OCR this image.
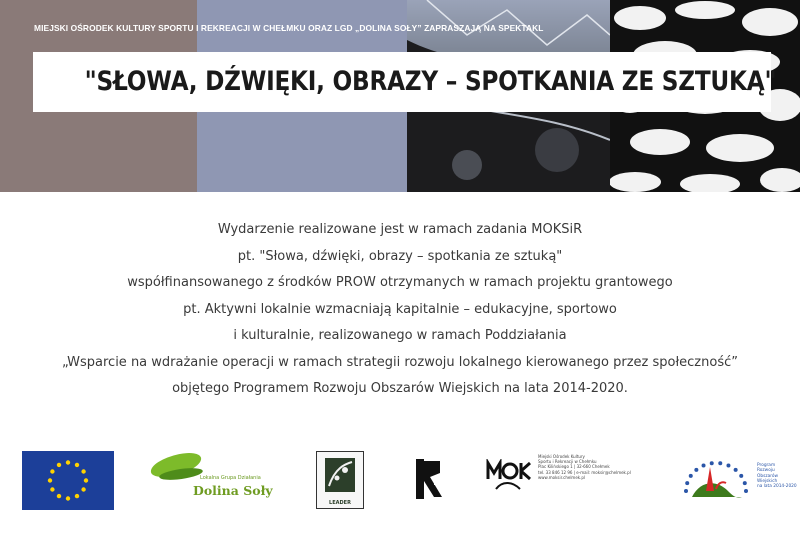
MIEJSKI OŚRODEK KULTURY SPORTU I REKREACJI W CHEŁMKU ORAZ LGD „DOLINA SOŁY” ZAPRASZAJĄ NA SPEKTAKL
"SŁOWA, DŹWIĘKI, OBRAZY – SPOTKANIA ZE SZTUKĄ"
Wydarzenie realizowane jest w ramach zadania MOKSiR
pt. "Słowa, dźwięki, obrazy – spotkania ze sztuką"
współfinansowanego z środków PROW otrzymanych w ramach projektu grantowego
pt. Aktywni lokalnie wzmacniają kapitalnie – edukacyjne, sportowo
i kulturalnie, realizowanego w ramach Poddziałania
„Wsparcie na wdrażanie operacji w ramach strategii rozwoju lokalnego kierowanego przez społeczność”
objętego Programem Rozwoju Obszarów Wiejskich na lata 2014-2020.
Lokalna Grupa Działania
Dolina Soły
LEADER
Miejski Ośrodek Kultury
Sportu i Rekreacji w Chełmku
Plac Kilińskiego 1 | 32-660 Chełmek
tel. 33 846 12 96 | e-mail: moksir@chelmek.pl
www.moksir.chelmek.pl
Program
Rozwoju
Obszarów
Wiejskich
na lata 2014-2020
